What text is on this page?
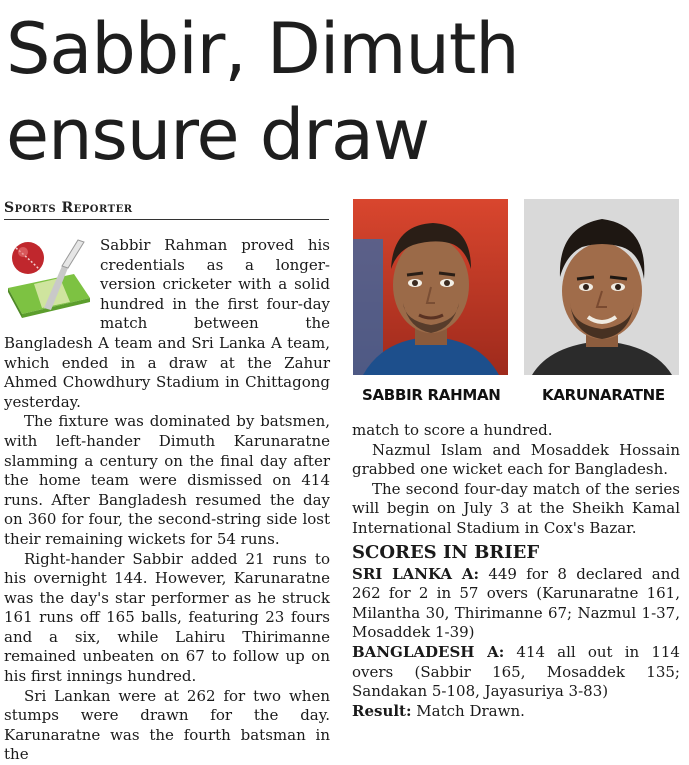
Sabbir, Dimuth
ensure draw
Sports Reporter

Sabbir Rahman proved his credentials as a longer-version cricketer with a solid hundred in the first four-day match between the Bangladesh A team and Sri Lanka A team, which ended in a draw at the Zahur Ahmed Chowdhury Stadium in Chittagong yesterday.

The fixture was dominated by batsmen, with left-hander Dimuth Karunaratne slamming a century on the final day after the home team were dismissed on 414 runs. After Bangladesh resumed the day on 360 for four, the second-string side lost their remaining wickets for 54 runs.

Right-hander Sabbir added 21 runs to his overnight 144. However, Karunaratne was the day's star performer as he struck 161 runs off 165 balls, featuring 23 fours and a six, while Lahiru Thirimanne remained unbeaten on 67 to follow up on his first innings hundred.

Sri Lankan were at 262 for two when stumps were drawn for the day. Karunaratne was the fourth batsman in the

SABBIR RAHMAN	KARUNARATNE

match to score a hundred.

Nazmul Islam and Mosaddek Hossain grabbed one wicket each for Bangladesh.

The second four-day match of the series will begin on July 3 at the Sheikh Kamal International Stadium in Cox's Bazar.

SCORES IN BRIEF

SRI LANKA A: 449 for 8 declared and 262 for 2 in 57 overs (Karunaratne 161, Milantha 30, Thirimanne 67; Nazmul 1-37, Mosaddek 1-39)

BANGLADESH A: 414 all out in 114 overs (Sabbir 165, Mosaddek 135; Sandakan 5-108, Jayasuriya 3-83)

Result: Match Drawn.
